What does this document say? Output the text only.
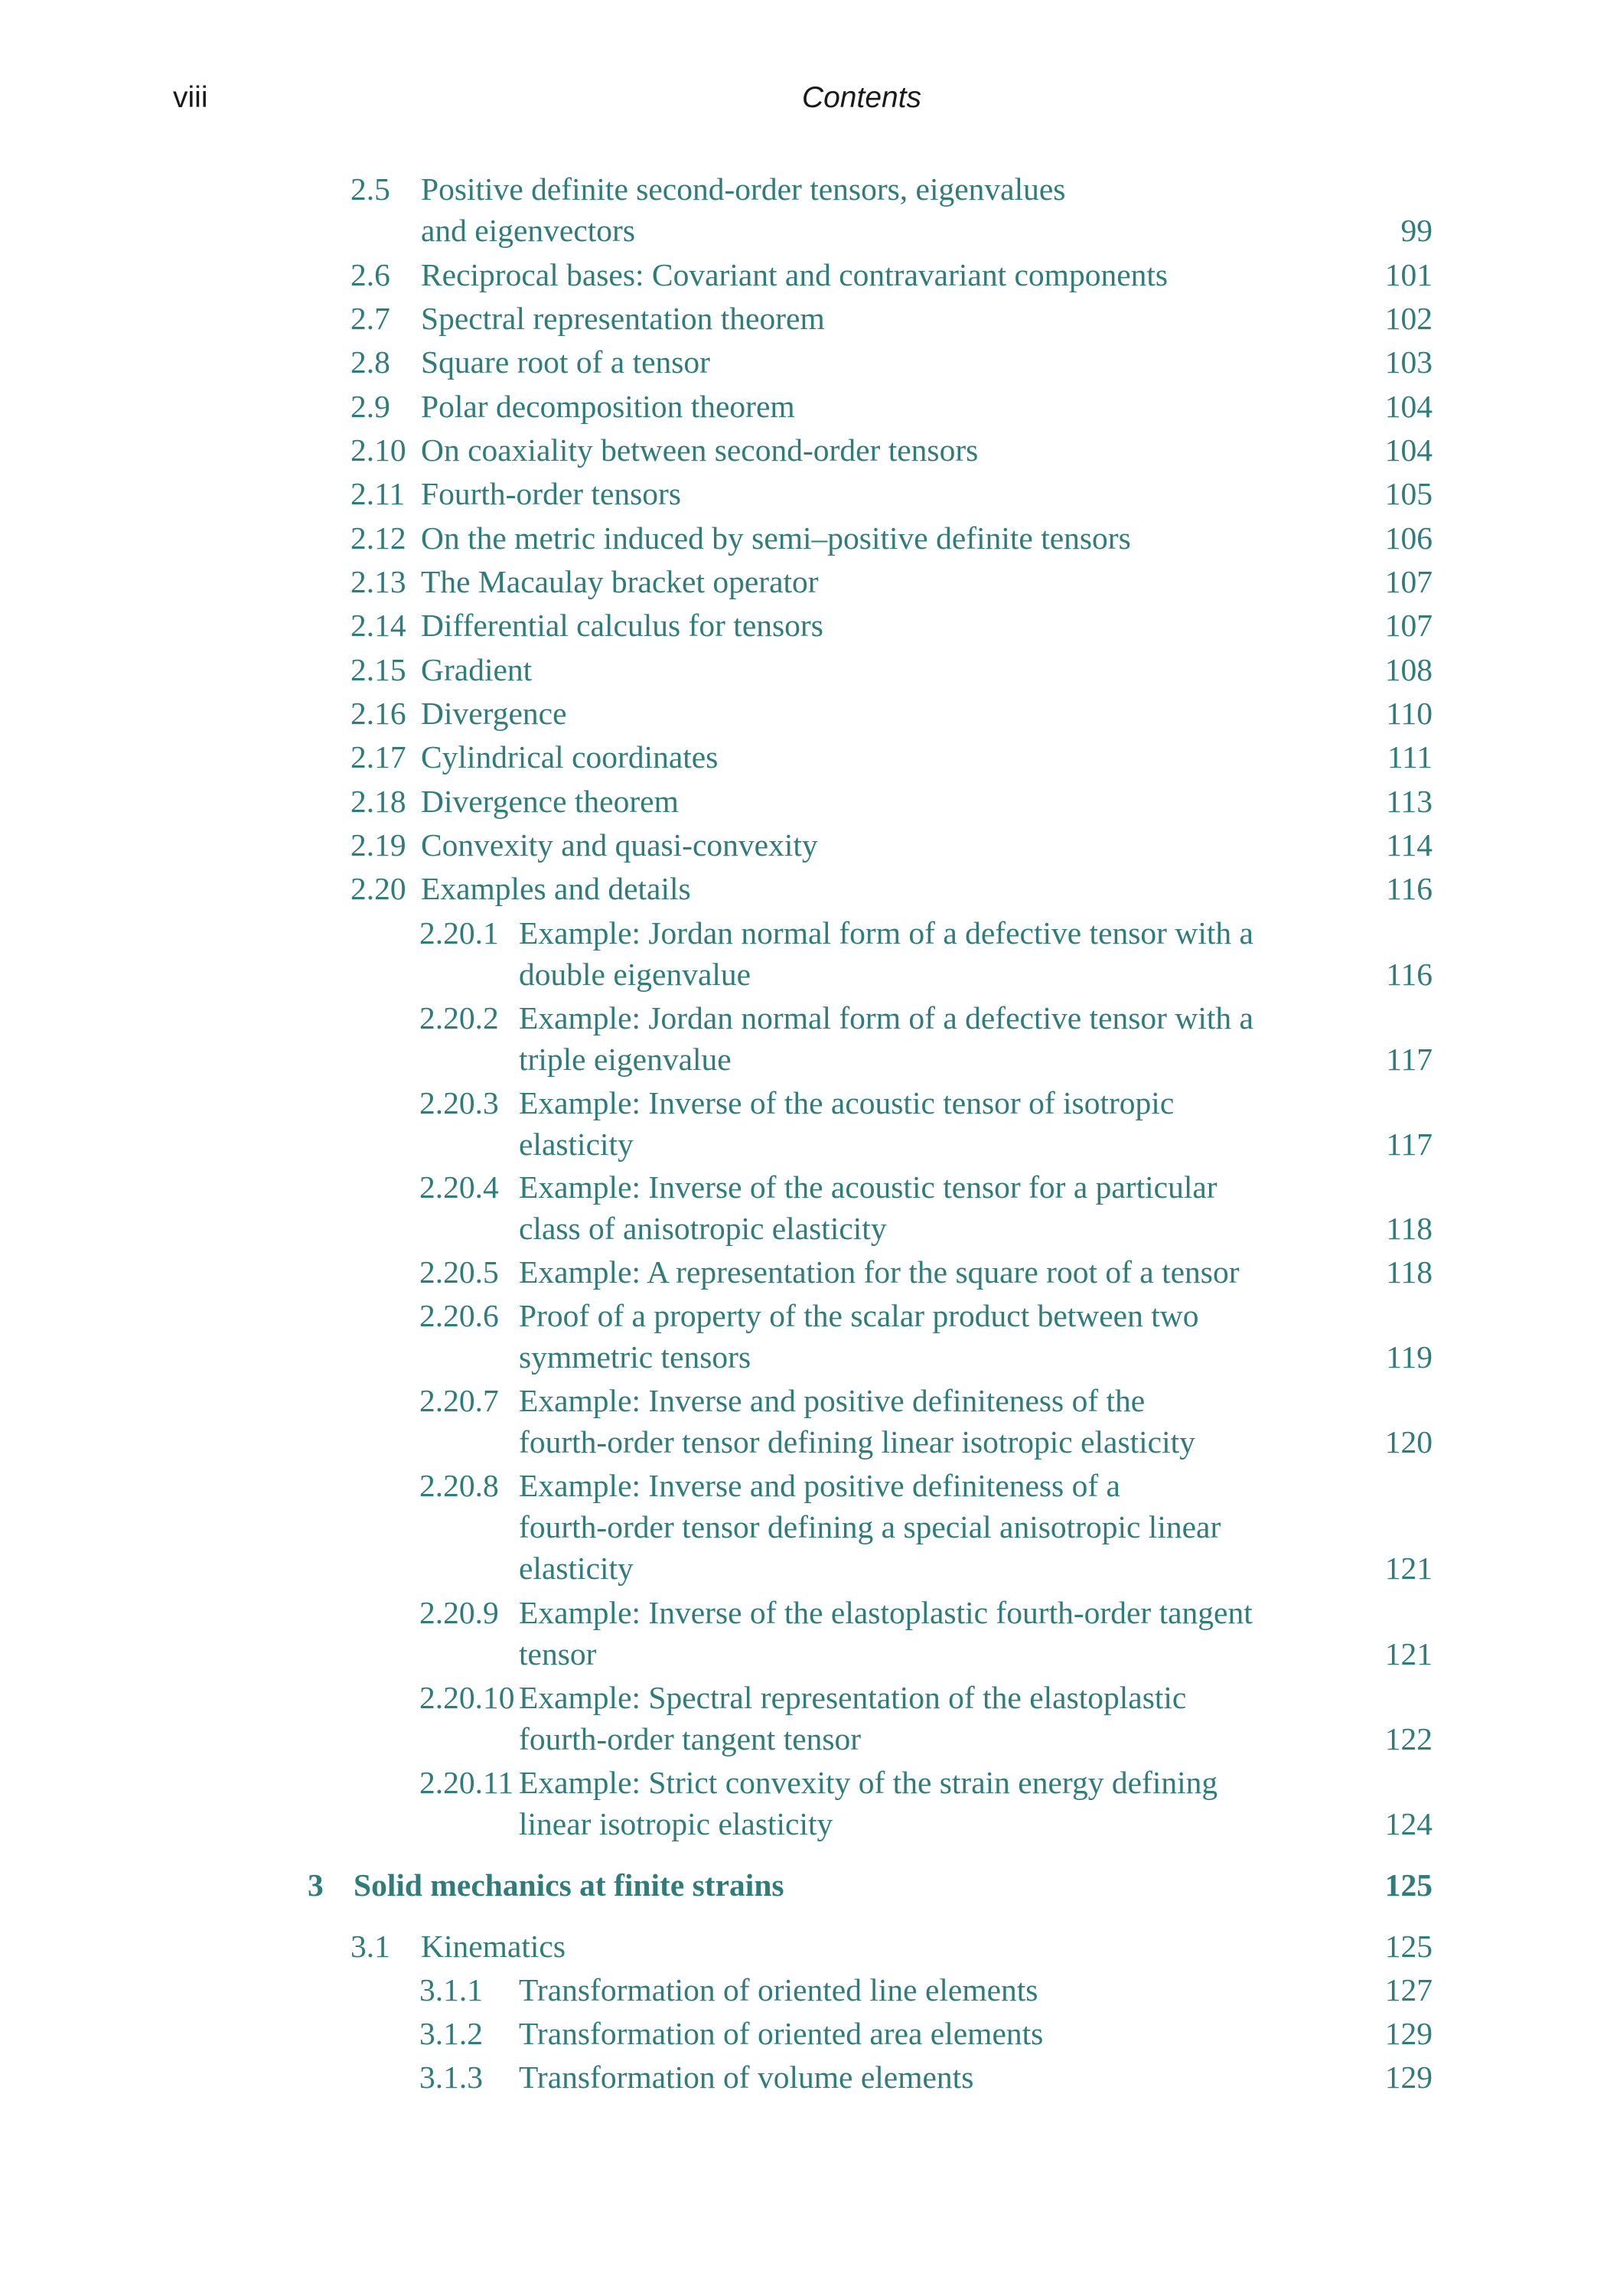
viii	Contents
2.5 Positive definite second-order tensors, eigenvalues
and eigenvectors	99
2.6 Reciprocal bases: Covariant and contravariant components	101
2.7 Spectral representation theorem	102
2.8 Square root of a tensor	103
2.9 Polar decomposition theorem	104
2.10 On coaxiality between second-order tensors	104
2.11 Fourth-order tensors	105
2.12 On the metric induced by semi–positive definite tensors	106
2.13 The Macaulay bracket operator	107
2.14 Differential calculus for tensors	107
2.15 Gradient	108
2.16 Divergence	110
2.17 Cylindrical coordinates	111
2.18 Divergence theorem	113
2.19 Convexity and quasi-convexity	114
2.20 Examples and details	116
2.20.1 Example: Jordan normal form of a defective tensor with a
double eigenvalue	116
2.20.2 Example: Jordan normal form of a defective tensor with a
triple eigenvalue	117
2.20.3 Example: Inverse of the acoustic tensor of isotropic
elasticity	117
2.20.4 Example: Inverse of the acoustic tensor for a particular
class of anisotropic elasticity	118
2.20.5 Example: A representation for the square root of a tensor	118
2.20.6 Proof of a property of the scalar product between two
symmetric tensors	119
2.20.7 Example: Inverse and positive definiteness of the
fourth-order tensor defining linear isotropic elasticity	120
2.20.8 Example: Inverse and positive definiteness of a
fourth-order tensor defining a special anisotropic linear
elasticity	121
2.20.9 Example: Inverse of the elastoplastic fourth-order tangent
tensor	121
2.20.10 Example: Spectral representation of the elastoplastic
fourth-order tangent tensor	122
2.20.11 Example: Strict convexity of the strain energy defining
linear isotropic elasticity	124
3 Solid mechanics at finite strains	125
3.1 Kinematics	125
3.1.1 Transformation of oriented line elements	127
3.1.2 Transformation of oriented area elements	129
3.1.3 Transformation of volume elements	129
